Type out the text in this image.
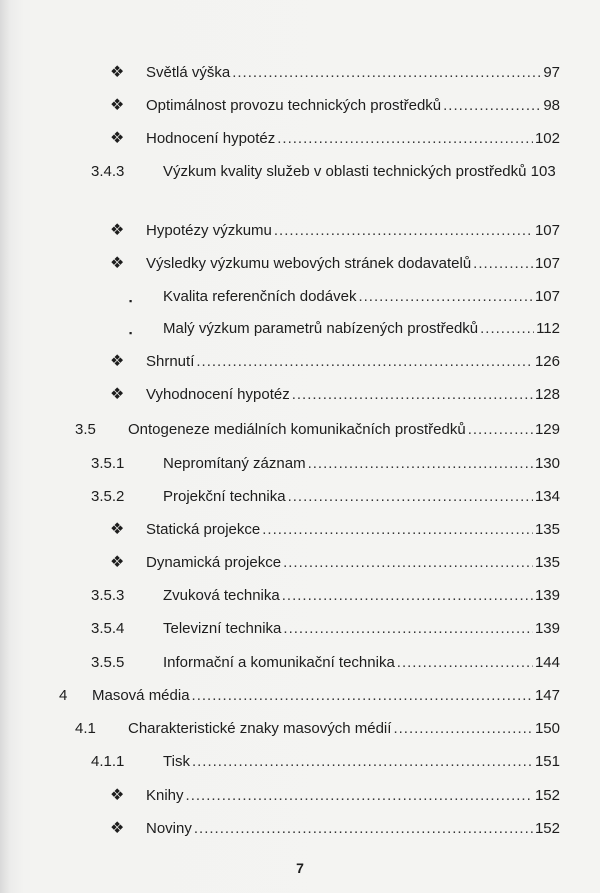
❖ Světlá výška .....	97
❖ Optimálnost provozu technických prostředků .....	98
❖ Hodnocení hypotéz .....	102
3.4.3	Výzkum kvality služeb v oblasti technických prostředků 103
❖ Hypotézy výzkumu .....	107
❖ Výsledky výzkumu webových stránek dodavatelů .....	107
▪ Kvalita referenčních dodávek .....	107
▪ Malý výzkum parametrů nabízených prostředků .....	112
❖ Shrnutí .....	126
❖ Vyhodnocení hypotéz .....	128
3.5 Ontogeneze mediálních komunikačních prostředků .....	129
3.5.1	Nepromítaný záznam .....	130
3.5.2	Projekční technika .....	134
❖ Statická projekce .....	135
❖ Dynamická projekce .....	135
3.5.3	Zvuková technika .....	139
3.5.4	Televizní technika .....	139
3.5.5	Informační a komunikační technika .....	144
4 Masová média .....	147
4.1 Charakteristické znaky masových médií .....	150
4.1.1	Tisk .....	151
❖ Knihy .....	152
❖ Noviny .....	152
7
